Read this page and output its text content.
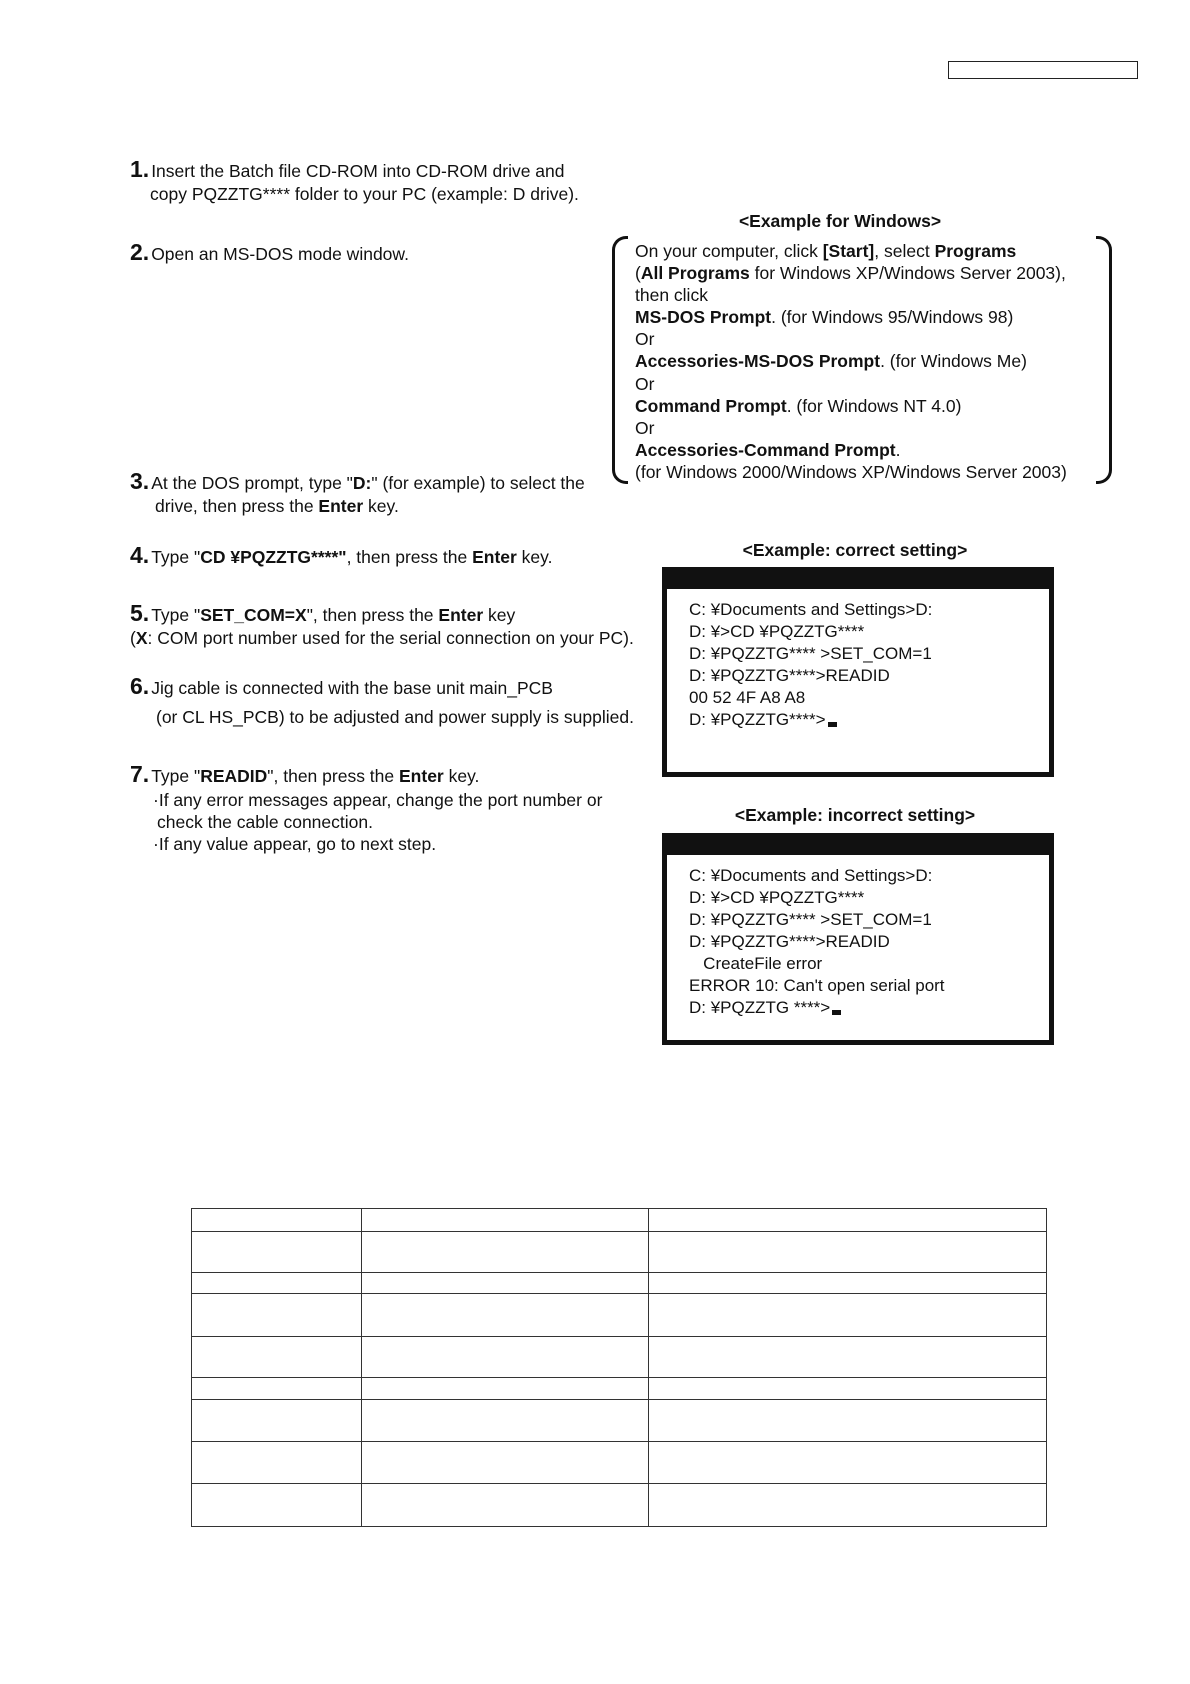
1. Insert the Batch file CD-ROM into CD-ROM drive and
copy PQZZTG**** folder to your PC (example: D drive).
2. Open an MS-DOS mode window.
3. At the DOS prompt, type "D:" (for example) to select the
drive, then press the Enter key.
4. Type "CD ¥PQZZTG****", then press the Enter key.
5. Type "SET_COM=X", then press the Enter key
(X: COM port number used for the serial connection on your PC).
6. Jig cable is connected with the base unit main_PCB
(or CL HS_PCB) to be adjusted and power supply is supplied.
7. Type "READID", then press the Enter key.
·If any error messages appear, change the port number or
check the cable connection.
·If any value appear, go to next step.
<Example for Windows>
On your computer, click [Start], select Programs
(All Programs for Windows XP/Windows Server 2003),
then click
MS-DOS Prompt. (for Windows 95/Windows 98)
Or
Accessories-MS-DOS Prompt. (for Windows Me)
Or
Command Prompt. (for Windows NT 4.0)
Or
Accessories-Command Prompt.
(for Windows 2000/Windows XP/Windows Server 2003)
<Example: correct setting>
C: ¥Documents and Settings>D:
D: ¥>CD ¥PQZZTG****
D: ¥PQZZTG**** >SET_COM=1
D: ¥PQZZTG****>READID
00 52 4F A8 A8
D: ¥PQZZTG****>
<Example: incorrect setting>
C: ¥Documents and Settings>D:
D: ¥>CD ¥PQZZTG****
D: ¥PQZZTG**** >SET_COM=1
D: ¥PQZZTG****>READID
CreateFile error
ERROR 10: Can't open serial port
D: ¥PQZZTG ****>
